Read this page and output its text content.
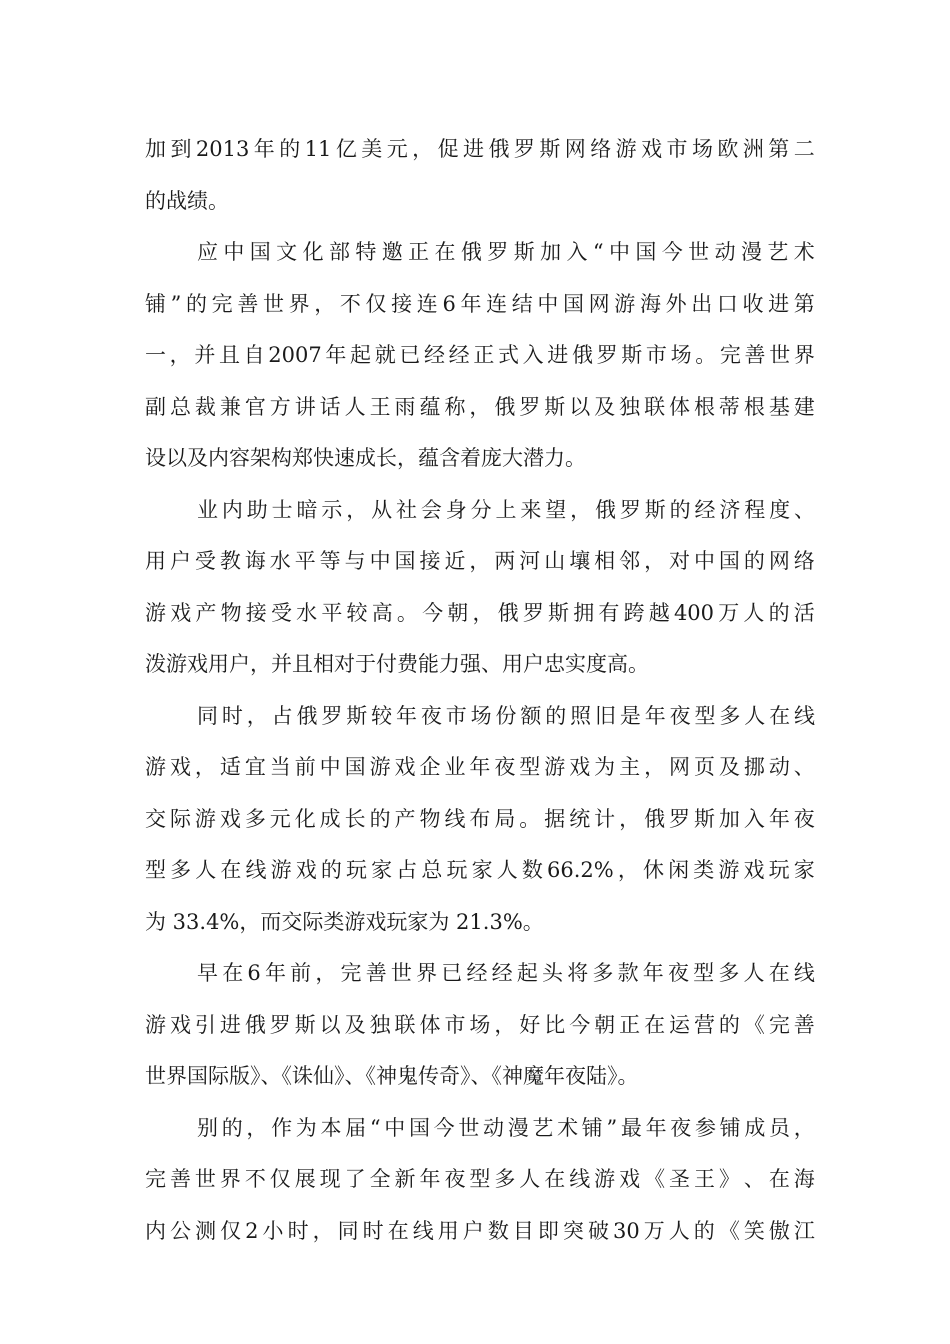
加 到 2013 年 的 11 亿 美 元 ， 促 进 俄 罗 斯 网 络 游 戏 市 场 欧 洲 第 二
的战绩。
应 中 国 文 化 部 特 邀 正 在 俄 罗 斯 加 入 “ 中 国 今 世 动 漫 艺 术
铺 ” 的 完 善 世 界 ， 不 仅 接 连 6 年 连 结 中 国 网 游 海 外 出 口 收 进 第
一 ， 并 且 自 2007 年 起 就 已 经 经 正 式 入 进 俄 罗 斯 市 场 。 完 善 世 界
副 总 裁 兼 官 方 讲 话 人 王 雨 蕴 称 ， 俄 罗 斯 以 及 独 联 体 根 蒂 根 基 建
设以及内容架构郑快速成长，蕴含着庞大潜力。
业 内 助 士 暗 示 ， 从 社 会 身 分 上 来 望 ， 俄 罗 斯 的 经 济 程 度 、
用 户 受 教 诲 水 平 等 与 中 国 接 近 ， 两 河 山 壤 相 邻 ， 对 中 国 的 网 络
游 戏 产 物 接 受 水 平 较 高 。 今 朝 ， 俄 罗 斯 拥 有 跨 越 400 万 人 的 活
泼游戏用户，并且相对于付费能力强、用户忠实度高。
同 时 ， 占 俄 罗 斯 较 年 夜 市 场 份 额 的 照 旧 是 年 夜 型 多 人 在 线
游 戏 ， 适 宜 当 前 中 国 游 戏 企 业 年 夜 型 游 戏 为 主 ， 网 页 及 挪 动 、
交 际 游 戏 多 元 化 成 长 的 产 物 线 布 局 。 据 统 计 ， 俄 罗 斯 加 入 年 夜
型 多 人 在 线 游 戏 的 玩 家 占 总 玩 家 人 数 66.2% ， 休 闲 类 游 戏 玩 家
为 33.4%，而交际类游戏玩家为 21.3%。
早 在 6 年 前 ， 完 善 世 界 已 经 经 起 头 将 多 款 年 夜 型 多 人 在 线
游 戏 引 进 俄 罗 斯 以 及 独 联 体 市 场 ， 好 比 今 朝 正 在 运 营 的 《 完 善
世界国际版》、《诛仙》、《神鬼传奇》、《神魔年夜陆》。
别 的 ， 作 为 本 届 “ 中 国 今 世 动 漫 艺 术 铺 ” 最 年 夜 参 铺 成 员 ，
完 善 世 界 不 仅 展 现 了 全 新 年 夜 型 多 人 在 线 游 戏 《 圣 王 》 、 在 海
内 公 测 仅 2 小 时 ， 同 时 在 线 用 户 数 目 即 突 破 30 万 人 的 《 笑 傲 江
